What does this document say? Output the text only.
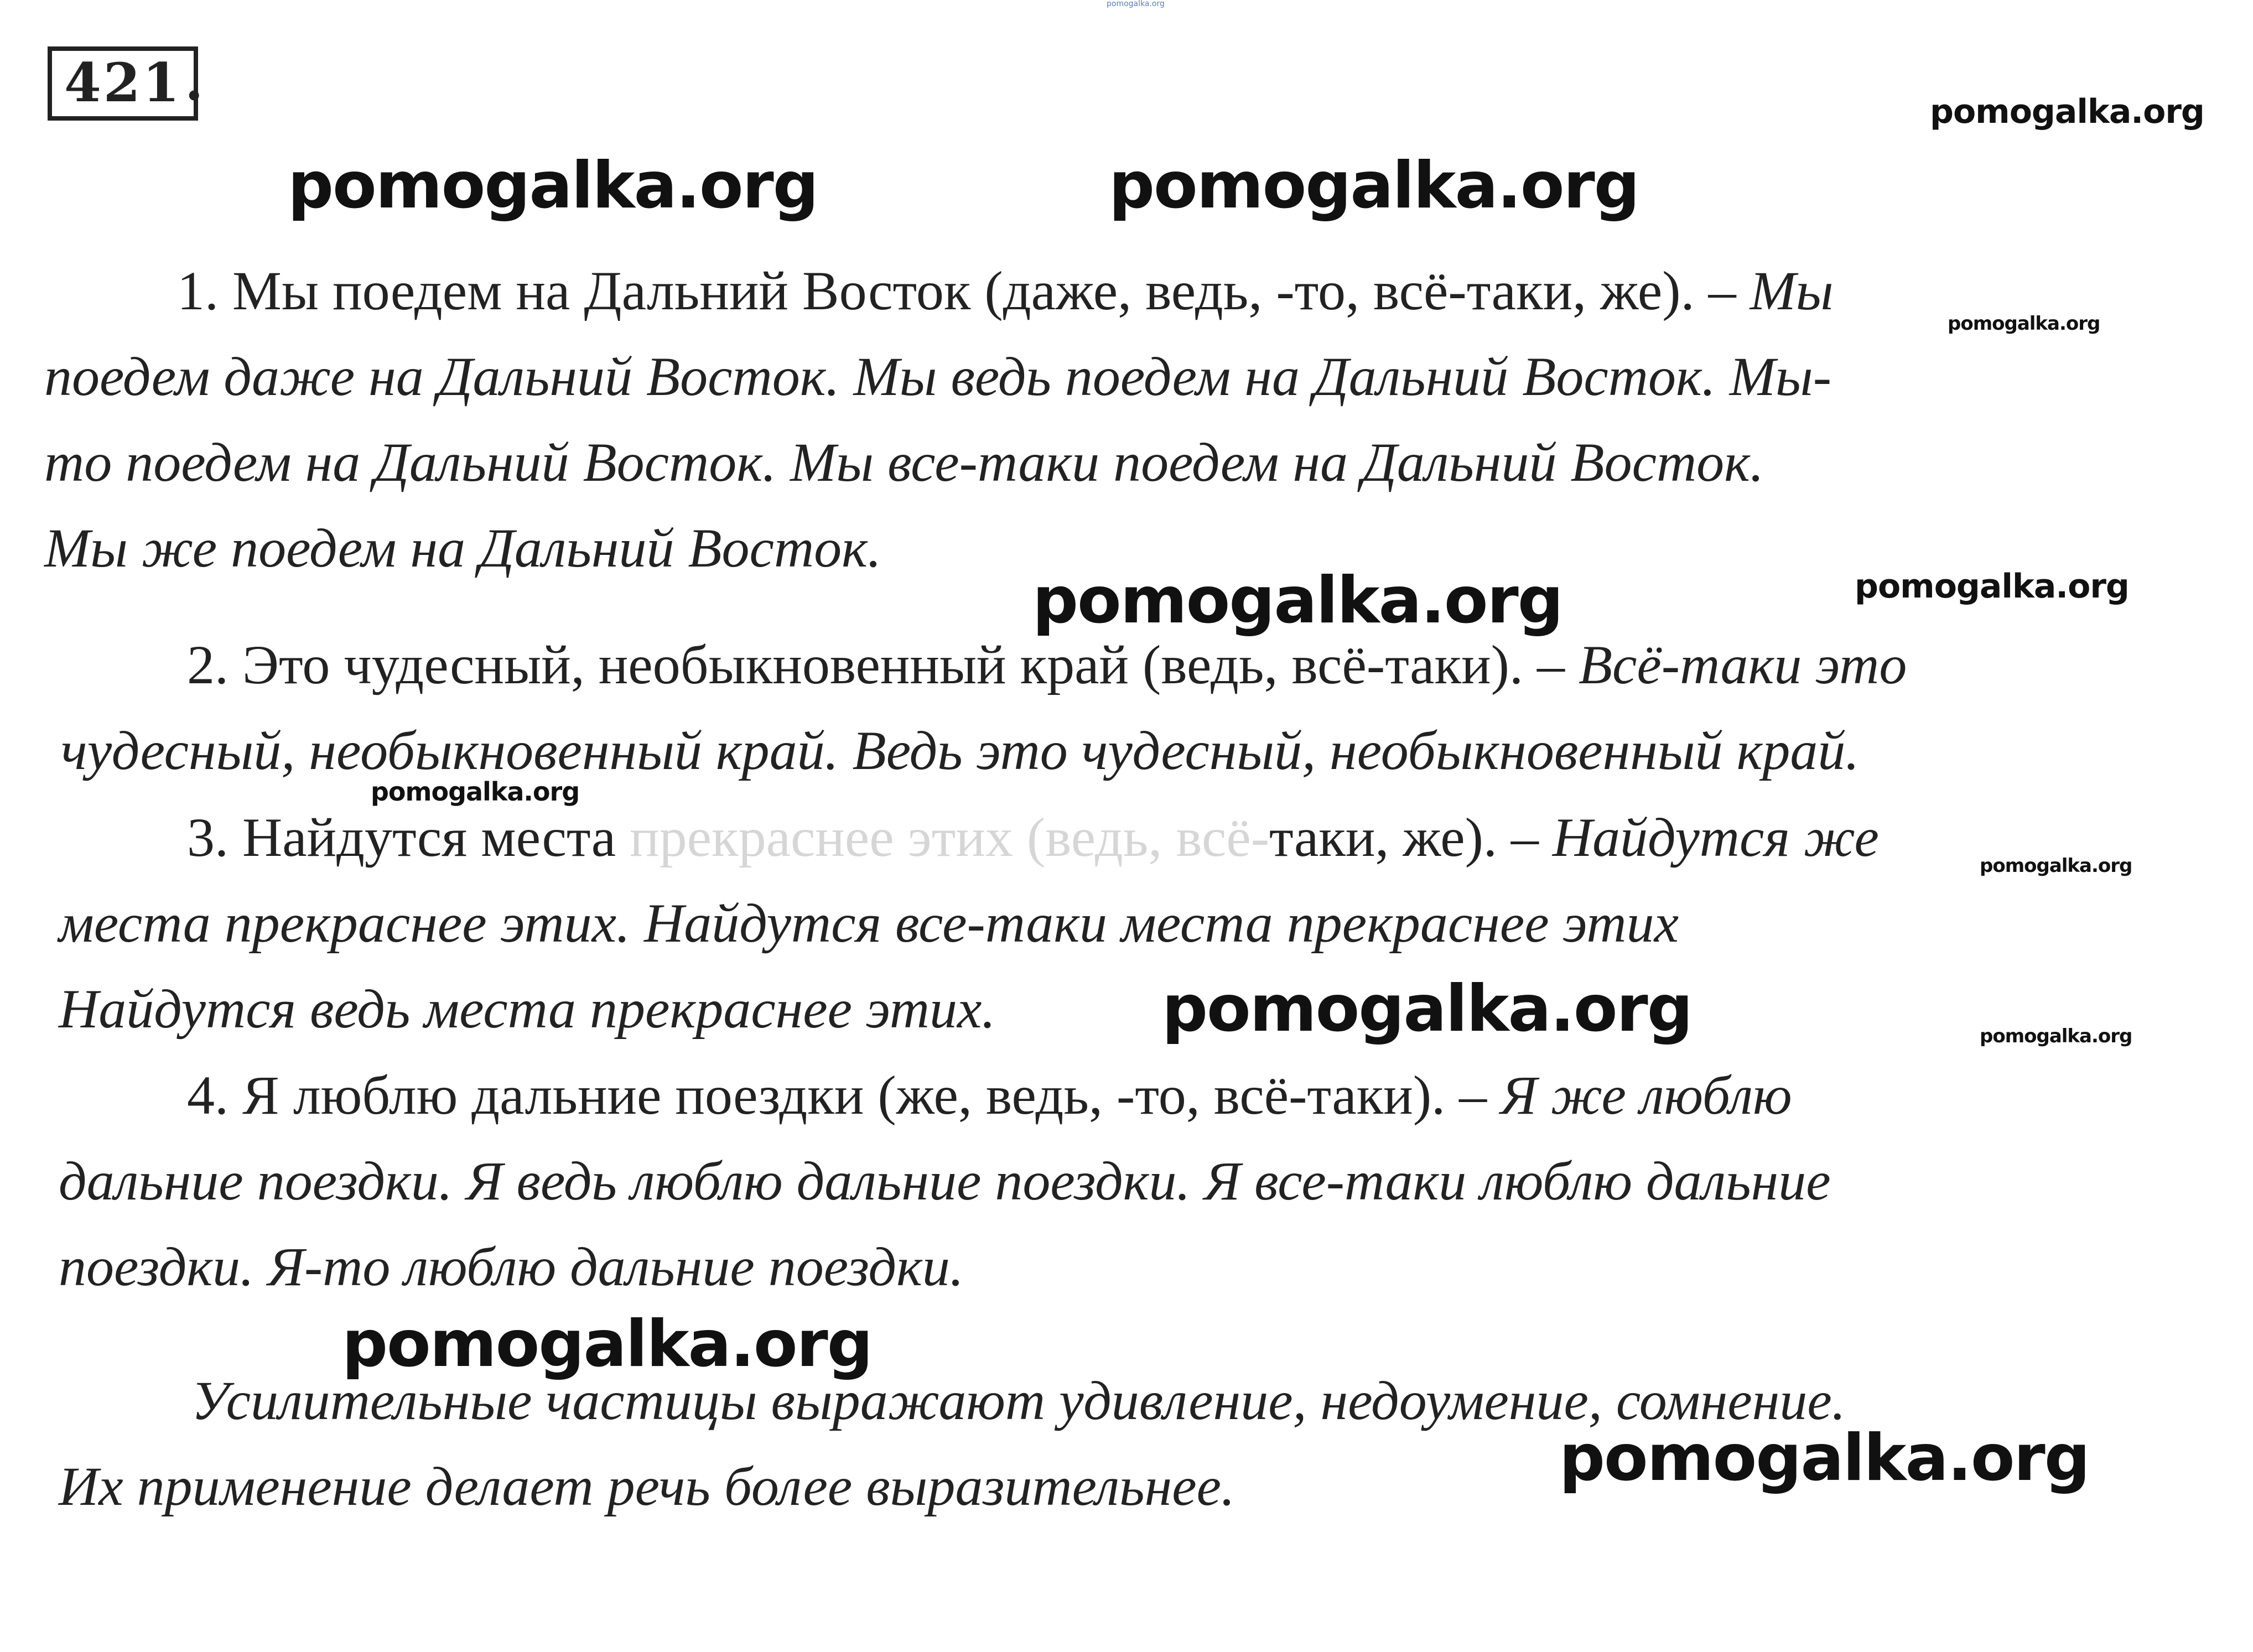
pomogalka.org
421 .	pomogalka.org
pomogalka.org	pomogalka.org
1. Мы поедем на Дальний Восток (даже, ведь, -то, всё-таки, же). – Мы
поедем даже на Дальний Восток. Мы ведь поедем на Дальний Восток. Мы-
то поедем на Дальний Восток. Мы все-таки поедем на Дальний Восток.
Мы же поедем на Дальний Восток.
pomogalka.org
pomogalka.org	pomogalka.org
2. Это чудесный, необыкновенный край (ведь, всё-таки). – Всё-таки это
чудесный, необыкновенный край. Ведь это чудесный, необыкновенный край.
pomogalka.org
3. Найдутся места прекраснее этих (ведь, всё-таки, же). – Найдутся же
места прекраснее этих. Найдутся все-таки места прекраснее этих
Найдутся ведь места прекраснее этих.
pomogalka.org
pomogalka.org	pomogalka.org
4. Я люблю дальние поездки (же, ведь, -то, всё-таки). – Я же люблю
дальние поездки. Я ведь люблю дальние поездки. Я все-таки люблю дальние
поездки. Я-то люблю дальние поездки.
pomogalka.org
Усилительные частицы выражают удивление, недоумение, сомнение.
Их применение делает речь более выразительнее.	pomogalka.org
